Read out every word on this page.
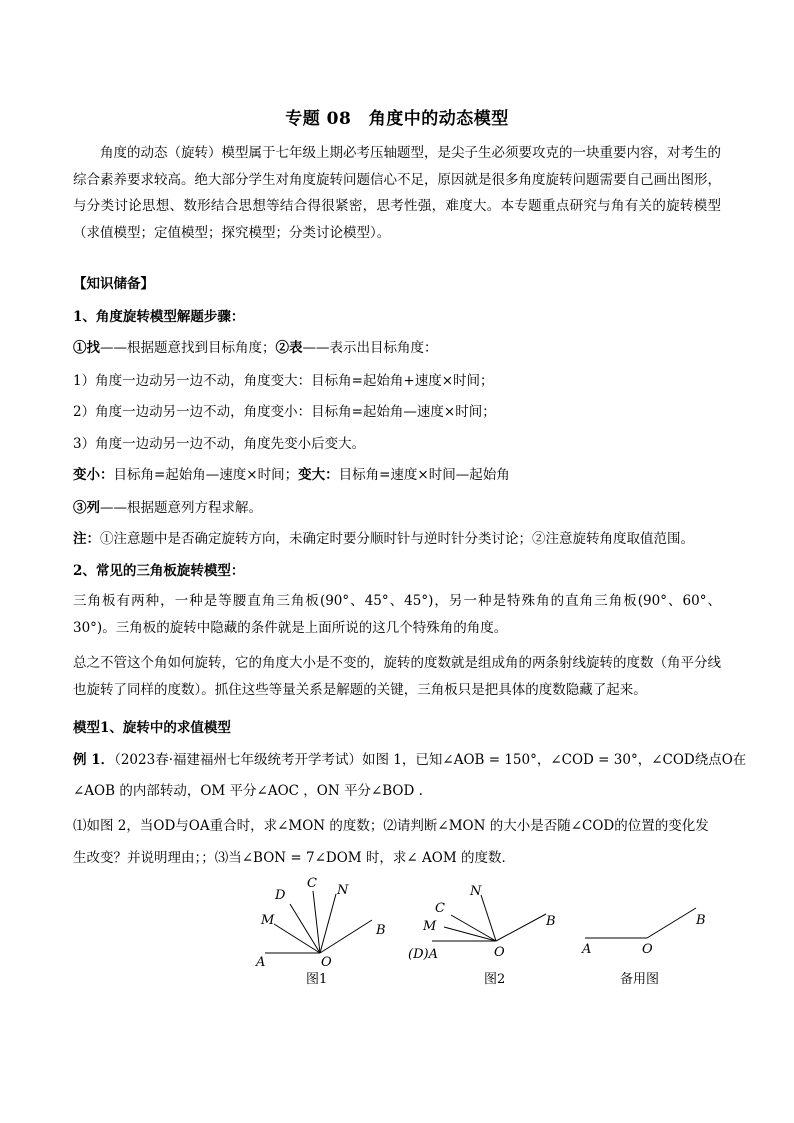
专题 08　角度中的动态模型
角度的动态（旋转）模型属于七年级上期必考压轴题型，是尖子生必须要攻克的一块重要内容，对考生的综合素养要求较高。绝大部分学生对角度旋转问题信心不足，原因就是很多角度旋转问题需要自己画出图形，与分类讨论思想、数形结合思想等结合得很紧密，思考性强，难度大。本专题重点研究与角有关的旋转模型（求值模型；定值模型；探究模型；分类讨论模型）。
【知识储备】
1、角度旋转模型解题步骤：
①找——根据题意找到目标角度；②表——表示出目标角度：
1）角度一边动另一边不动，角度变大：目标角=起始角+速度×时间；
2）角度一边动另一边不动，角度变小：目标角=起始角—速度×时间；
3）角度一边动另一边不动，角度先变小后变大。
变小：目标角=起始角—速度×时间；变大：目标角=速度×时间—起始角
③列——根据题意列方程求解。
注：①注意题中是否确定旋转方向，未确定时要分顺时针与逆时针分类讨论；②注意旋转角度取值范围。
2、常见的三角板旋转模型：
三角板有两种，一种是等腰直角三角板(90°、45°、45°)，另一种是特殊角的直角三角板(90°、60°、30°)。三角板的旋转中隐藏的条件就是上面所说的这几个特殊角的角度。
总之不管这个角如何旋转，它的角度大小是不变的，旋转的度数就是组成角的两条射线旋转的度数（角平分线也旋转了同样的度数）。抓住这些等量关系是解题的关键，三角板只是把具体的度数隐藏了起来。
模型1、旋转中的求值模型
例 1．（2023春·福建福州七年级统考开学考试）如图 1，已知∠AOB = 150°，∠COD = 30°，∠COD绕点O在
∠AOB 的内部转动，OM 平分∠AOC ，ON 平分∠BOD .
⑴如图 2，当OD与OA重合时，求∠MON 的度数；⑵请判断∠MON 的大小是否随∠COD的位置的变化发
生改变？并说明理由；；⑶当∠BON = 7∠DOM 时，求∠ AOM 的度数．
A	O
B
C
D
M
N
图1
(D)A	O
B
C
M
N
图2
A	O
B
备用图
